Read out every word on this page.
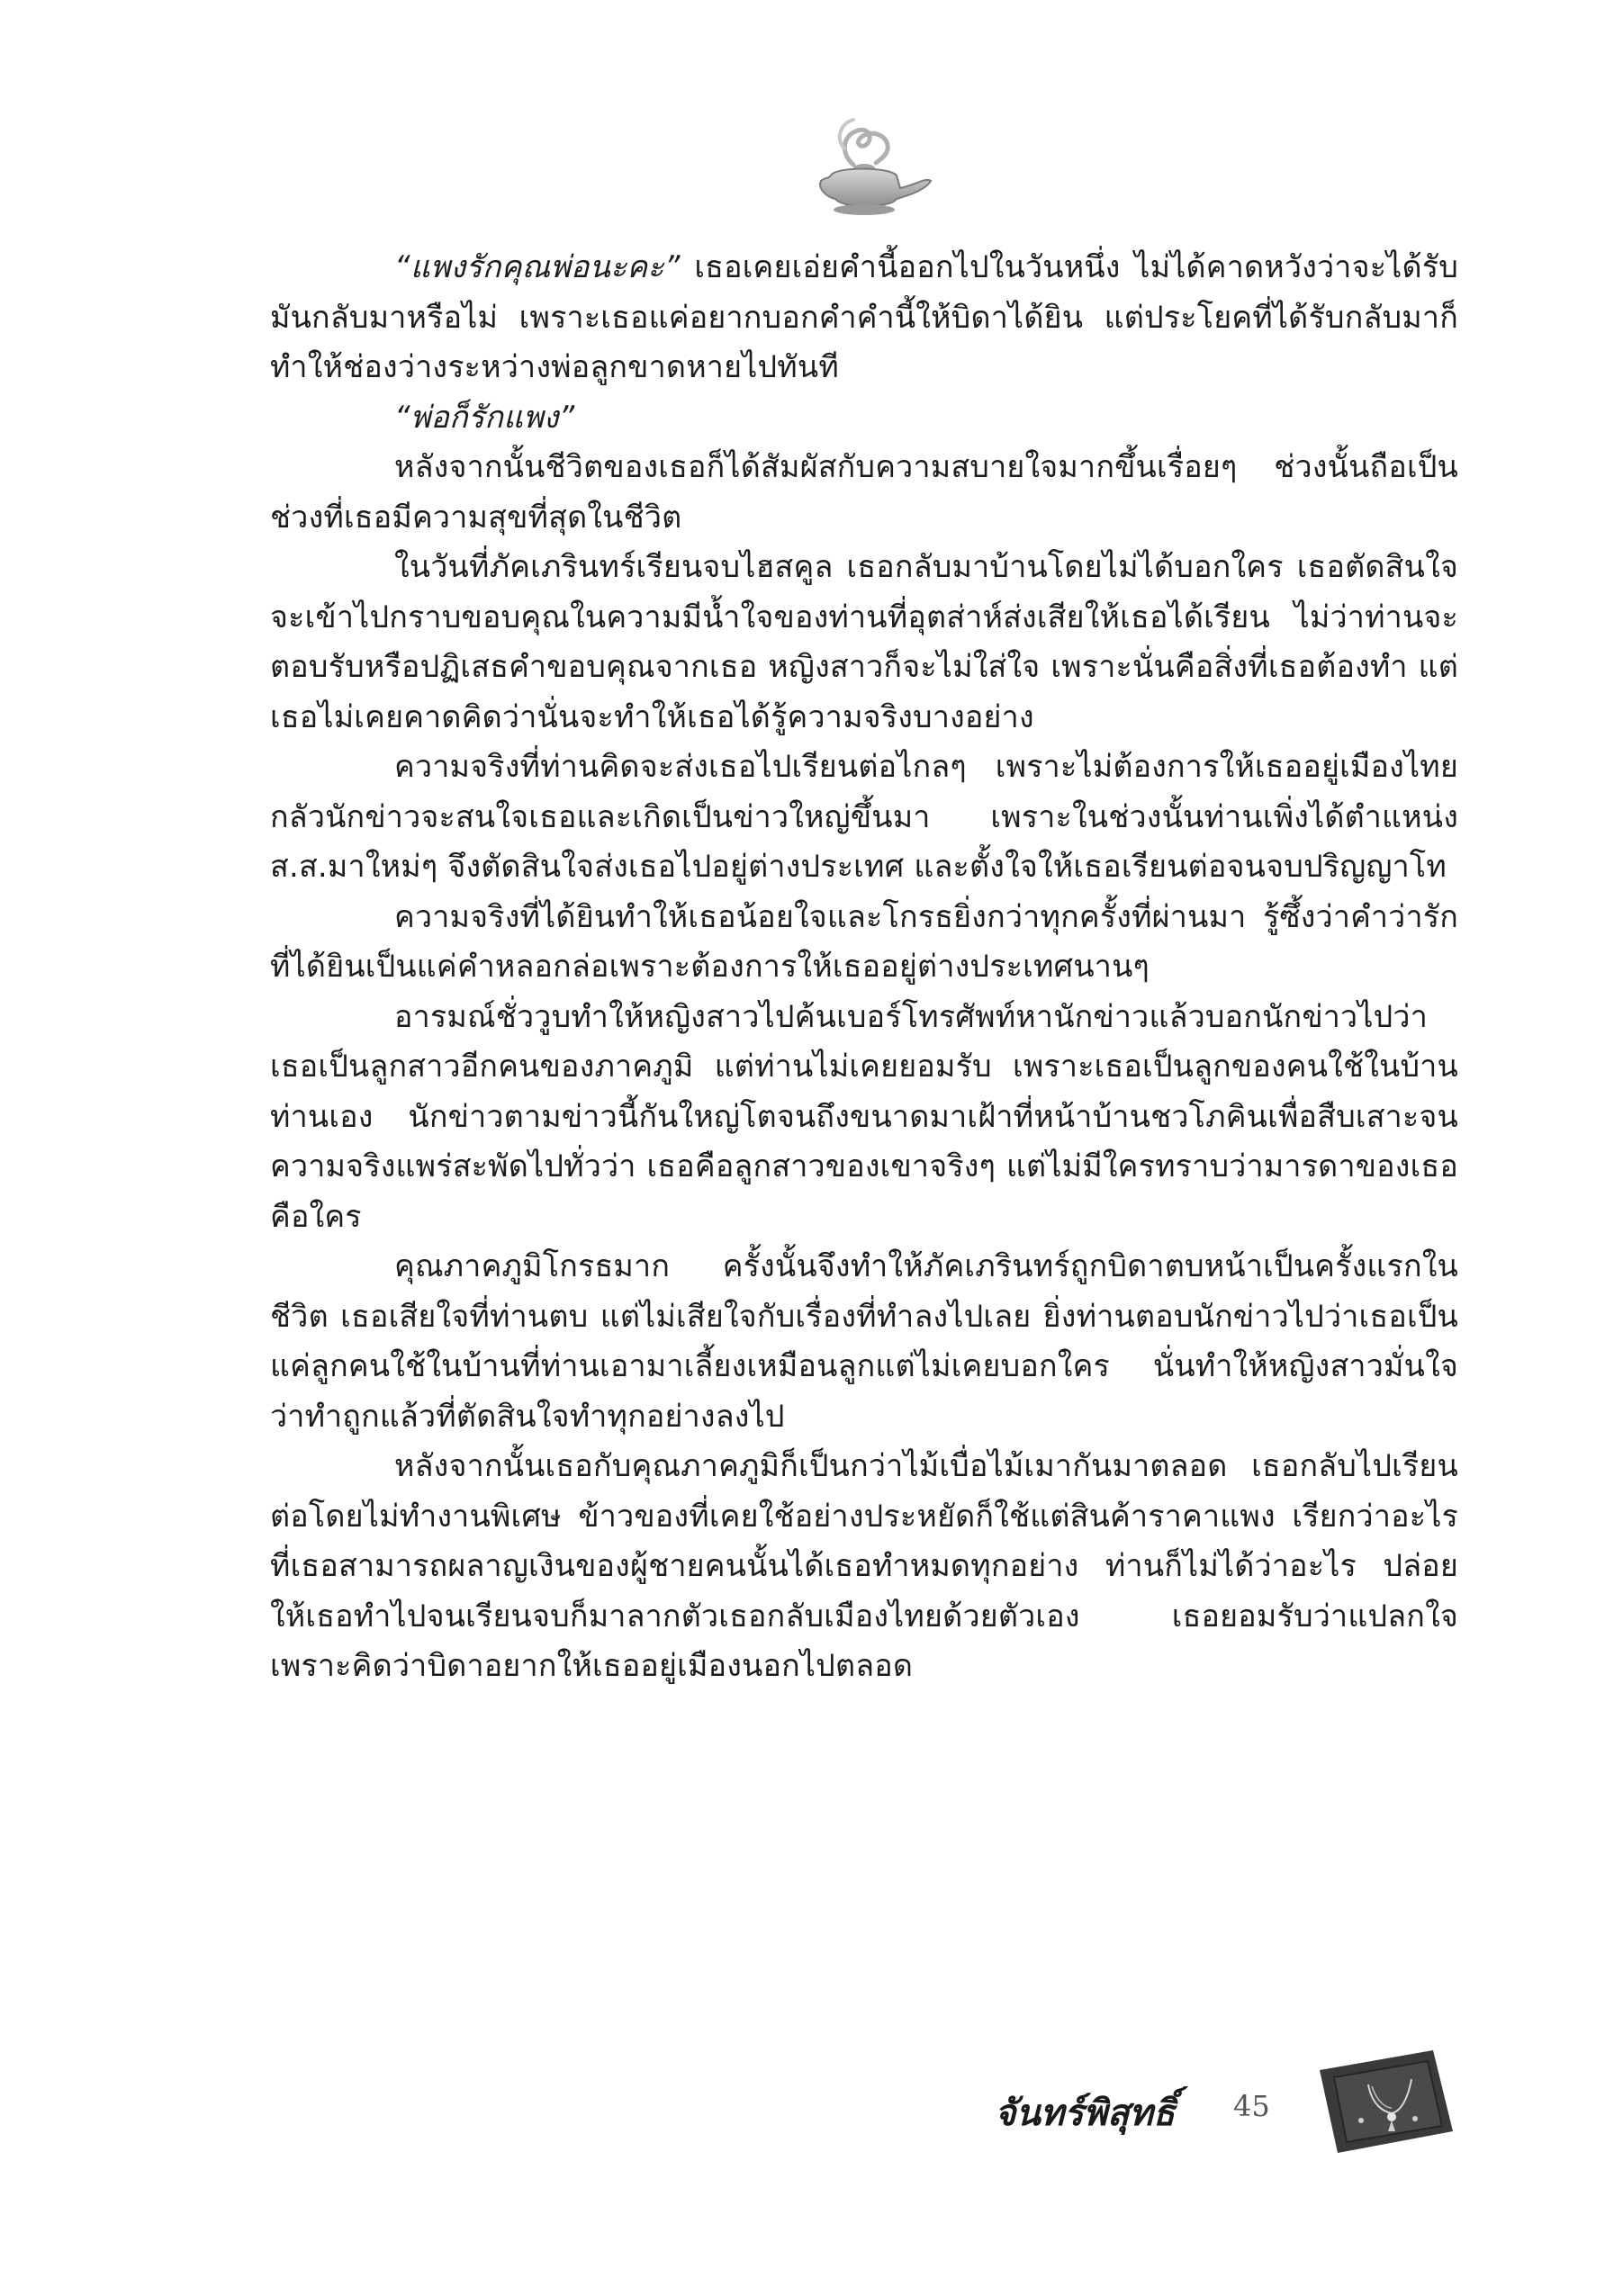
“แพงรักคุณพ่อนะคะ” เธอเคยเอ่ยคำนี้ออกไปในวันหนึ่ง ไม่ได้คาดหวังว่าจะได้รับมันกลับมาหรือไม่ เพราะเธอแค่อยากบอกคำคำนี้ให้บิดาได้ยิน แต่ประโยคที่ได้รับกลับมาก็ทำให้ช่องว่างระหว่างพ่อลูกขาดหายไปทันที

“พ่อก็รักแพง”

หลังจากนั้นชีวิตของเธอก็ได้สัมผัสกับความสบายใจมากขึ้นเรื่อยๆ ช่วงนั้นถือเป็นช่วงที่เธอมีความสุขที่สุดในชีวิต

ในวันที่ภัคเภรินทร์เรียนจบไฮสคูล เธอกลับมาบ้านโดยไม่ได้บอกใคร เธอตัดสินใจจะเข้าไปกราบขอบคุณในความมีน้ำใจของท่านที่อุตส่าห์ส่งเสียให้เธอได้เรียน ไม่ว่าท่านจะตอบรับหรือปฏิเสธคำขอบคุณจากเธอ หญิงสาวก็จะไม่ใส่ใจ เพราะนั่นคือสิ่งที่เธอต้องทำ แต่เธอไม่เคยคาดคิดว่านั่นจะทำให้เธอได้รู้ความจริงบางอย่าง

ความจริงที่ท่านคิดจะส่งเธอไปเรียนต่อไกลๆ เพราะไม่ต้องการให้เธออยู่เมืองไทย กลัวนักข่าวจะสนใจเธอและเกิดเป็นข่าวใหญ่ขึ้นมา เพราะในช่วงนั้นท่านเพิ่งได้ตำแหน่ง ส.ส.มาใหม่ๆ จึงตัดสินใจส่งเธอไปอยู่ต่างประเทศ และตั้งใจให้เธอเรียนต่อจนจบปริญญาโท

ความจริงที่ได้ยินทำให้เธอน้อยใจและโกรธยิ่งกว่าทุกครั้งที่ผ่านมา รู้ซึ้งว่าคำว่ารักที่ได้ยินเป็นแค่คำหลอกล่อเพราะต้องการให้เธออยู่ต่างประเทศนานๆ

อารมณ์ชั่ววูบทำให้หญิงสาวไปค้นเบอร์โทรศัพท์หานักข่าวแล้วบอกนักข่าวไปว่าเธอเป็นลูกสาวอีกคนของภาคภูมิ แต่ท่านไม่เคยยอมรับ เพราะเธอเป็นลูกของคนใช้ในบ้านท่านเอง นักข่าวตามข่าวนี้กันใหญ่โตจนถึงขนาดมาเฝ้าที่หน้าบ้านชวโภคินเพื่อสืบเสาะจนความจริงแพร่สะพัดไปทั่วว่า เธอคือลูกสาวของเขาจริงๆ แต่ไม่มีใครทราบว่ามารดาของเธอคือใคร

คุณภาคภูมิโกรธมาก ครั้งนั้นจึงทำให้ภัคเภรินทร์ถูกบิดาตบหน้าเป็นครั้งแรกในชีวิต เธอเสียใจที่ท่านตบ แต่ไม่เสียใจกับเรื่องที่ทำลงไปเลย ยิ่งท่านตอบนักข่าวไปว่าเธอเป็นแค่ลูกคนใช้ในบ้านที่ท่านเอามาเลี้ยงเหมือนลูกแต่ไม่เคยบอกใคร นั่นทำให้หญิงสาวมั่นใจว่าทำถูกแล้วที่ตัดสินใจทำทุกอย่างลงไป

หลังจากนั้นเธอกับคุณภาคภูมิก็เป็นกว่าไม้เบื่อไม้เมากันมาตลอด เธอกลับไปเรียนต่อโดยไม่ทำงานพิเศษ ข้าวของที่เคยใช้อย่างประหยัดก็ใช้แต่สินค้าราคาแพง เรียกว่าอะไรที่เธอสามารถผลาญเงินของผู้ชายคนนั้นได้เธอทำหมดทุกอย่าง ท่านก็ไม่ได้ว่าอะไร ปล่อยให้เธอทำไปจนเรียนจบก็มาลากตัวเธอกลับเมืองไทยด้วยตัวเอง เธอยอมรับว่าแปลกใจ เพราะคิดว่าบิดาอยากให้เธออยู่เมืองนอกไปตลอด

จันทร์พิสุทธิ์ 45
